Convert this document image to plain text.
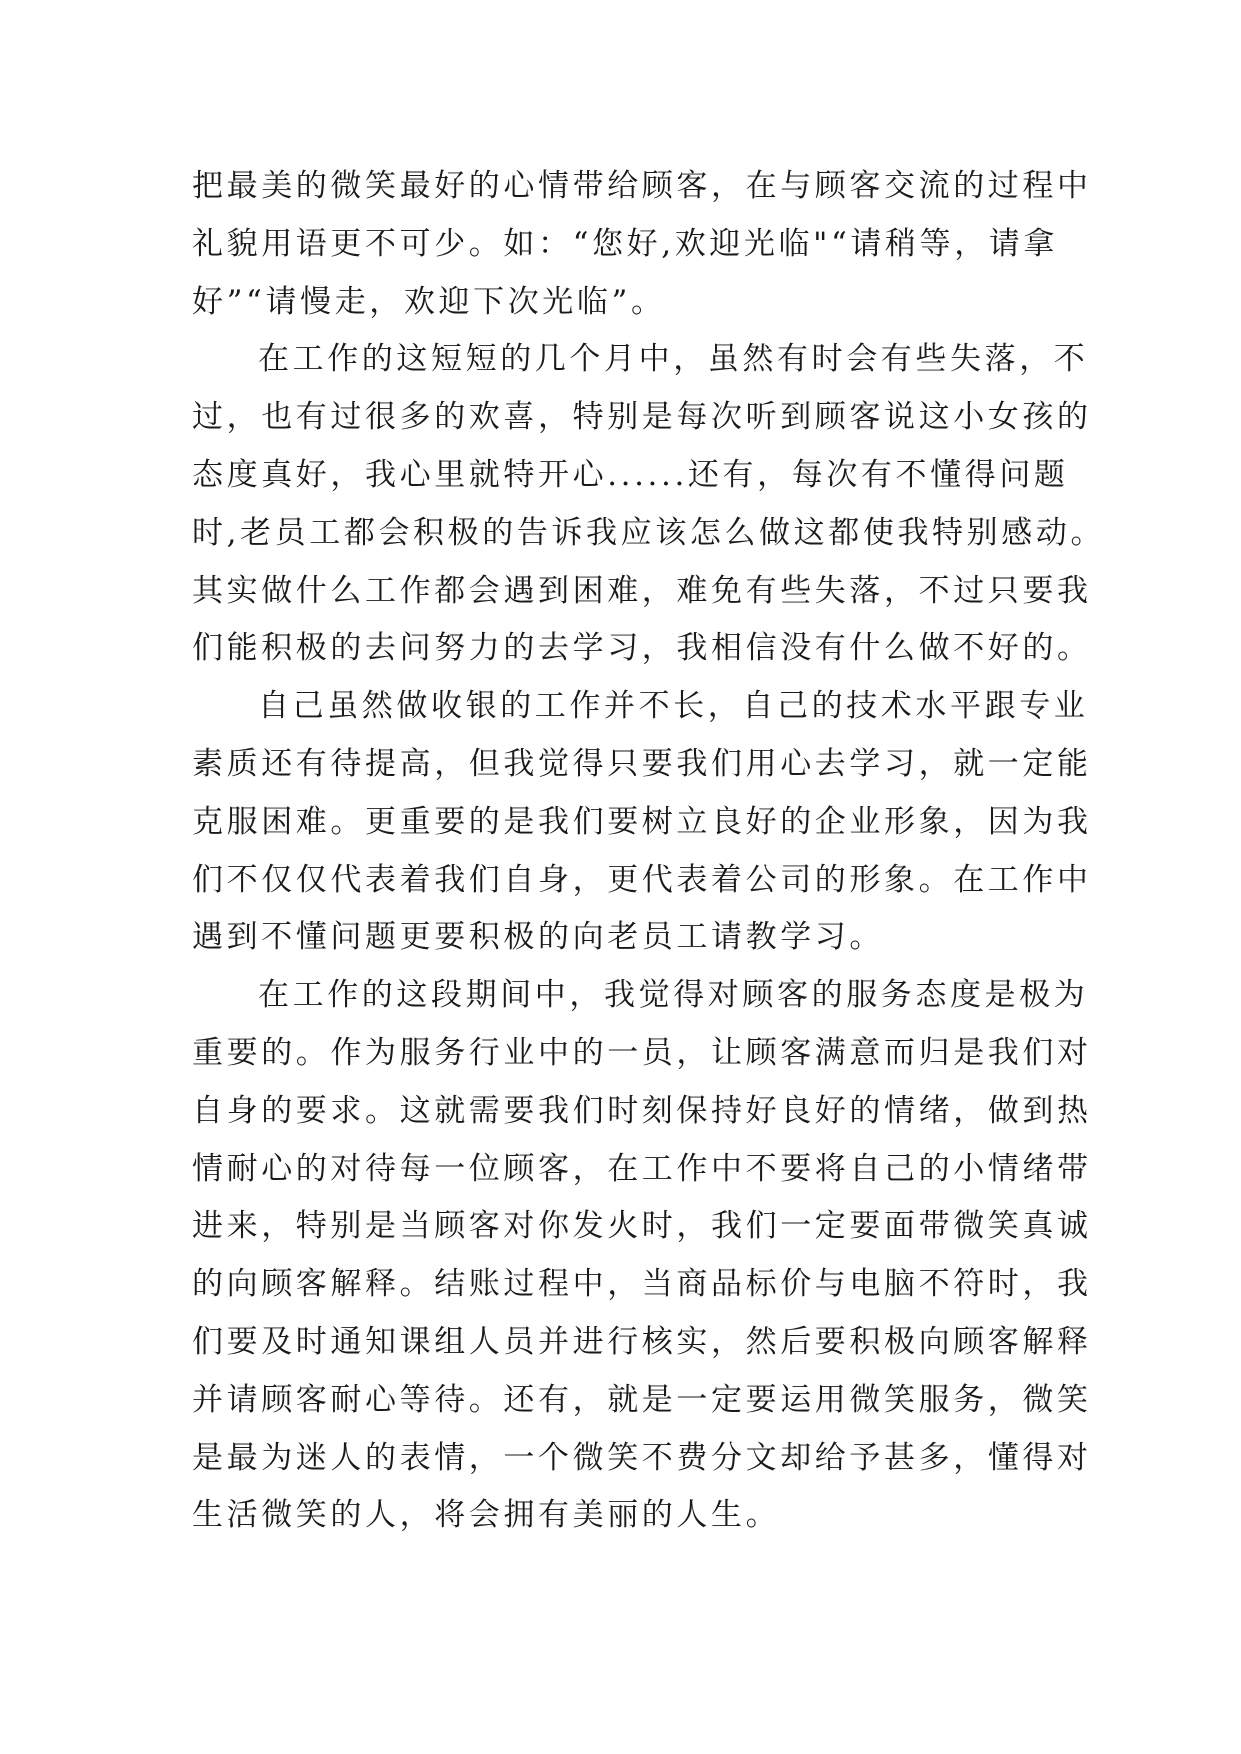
把最美的微笑最好的心情带给顾客，在与顾客交流的过程中
礼貌用语更不可少。如：“您好,欢迎光临"“请稍等，请拿
好”“请慢走，欢迎下次光临”。
在工作的这短短的几个月中，虽然有时会有些失落，不
过，也有过很多的欢喜，特别是每次听到顾客说这小女孩的
态度真好，我心里就特开心......还有，每次有不懂得问题
时,老员工都会积极的告诉我应该怎么做这都使我特别感动。
其实做什么工作都会遇到困难，难免有些失落，不过只要我
们能积极的去问努力的去学习，我相信没有什么做不好的。
自己虽然做收银的工作并不长，自己的技术水平跟专业
素质还有待提高，但我觉得只要我们用心去学习，就一定能
克服困难。更重要的是我们要树立良好的企业形象，因为我
们不仅仅代表着我们自身，更代表着公司的形象。在工作中
遇到不懂问题更要积极的向老员工请教学习。
在工作的这段期间中，我觉得对顾客的服务态度是极为
重要的。作为服务行业中的一员，让顾客满意而归是我们对
自身的要求。这就需要我们时刻保持好良好的情绪，做到热
情耐心的对待每一位顾客，在工作中不要将自己的小情绪带
进来，特别是当顾客对你发火时，我们一定要面带微笑真诚
的向顾客解释。结账过程中，当商品标价与电脑不符时，我
们要及时通知课组人员并进行核实，然后要积极向顾客解释
并请顾客耐心等待。还有，就是一定要运用微笑服务，微笑
是最为迷人的表情，一个微笑不费分文却给予甚多，懂得对
生活微笑的人，将会拥有美丽的人生。
